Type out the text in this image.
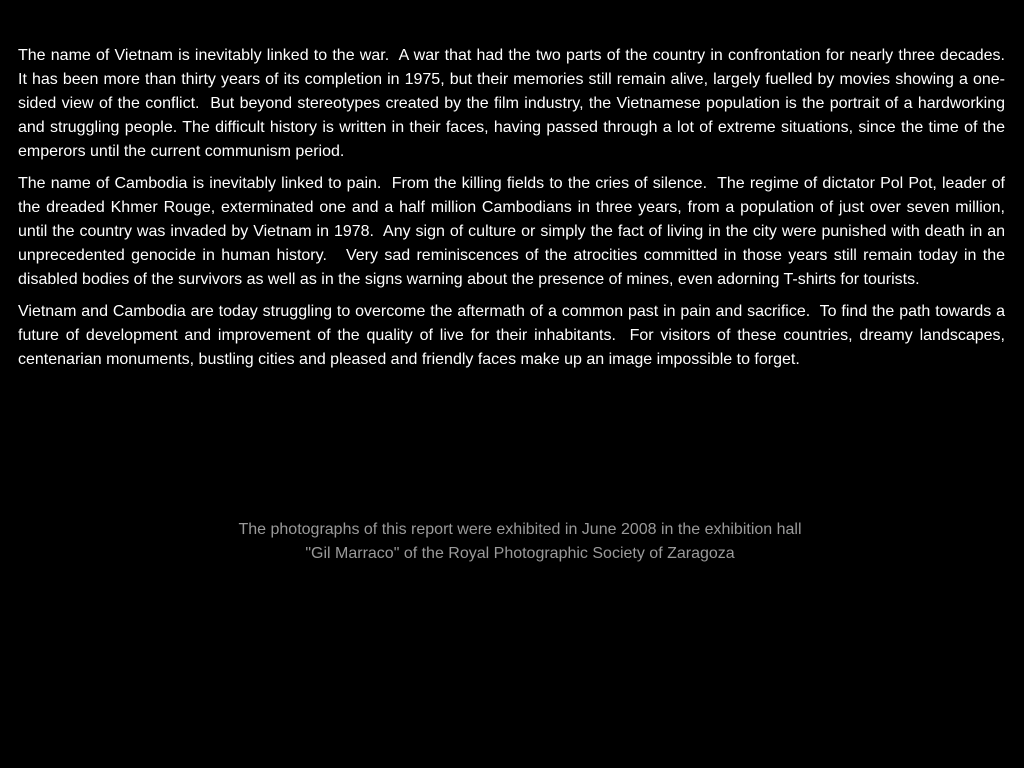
The name of Vietnam is inevitably linked to the war.  A war that had the two parts of the country in confrontation for nearly three decades.   It has been more than thirty years of its completion in 1975, but their memories still remain alive, largely fuelled by movies showing a one-sided view of the conflict.  But beyond stereotypes created by the film industry, the Vietnamese population is the portrait of a hardworking and struggling people. The difficult history is written in their faces, having passed through a lot of extreme situations, since the time of the emperors until the current communism period.

The name of Cambodia is inevitably linked to pain.  From the killing fields to the cries of silence.  The regime of dictator Pol Pot, leader of the dreaded Khmer Rouge, exterminated one and a half million Cambodians in three years, from a population of just over seven million, until the country was invaded by Vietnam in 1978.  Any sign of culture or simply the fact of living in the city were punished with death in an unprecedented genocide in human history.   Very sad reminiscences of the atrocities committed in those years still remain today in the disabled bodies of the survivors as well as in the signs warning about the presence of mines, even adorning T-shirts for tourists.

Vietnam and Cambodia are today struggling to overcome the aftermath of a common past in pain and sacrifice.  To find the path towards a future of development and improvement of the quality of live for their inhabitants.  For visitors of these countries, dreamy landscapes, centenarian monuments, bustling cities and pleased and friendly faces make up an image impossible to forget.

The photographs of this report were exhibited in June 2008 in the exhibition hall
"Gil Marraco" of the Royal Photographic Society of Zaragoza
